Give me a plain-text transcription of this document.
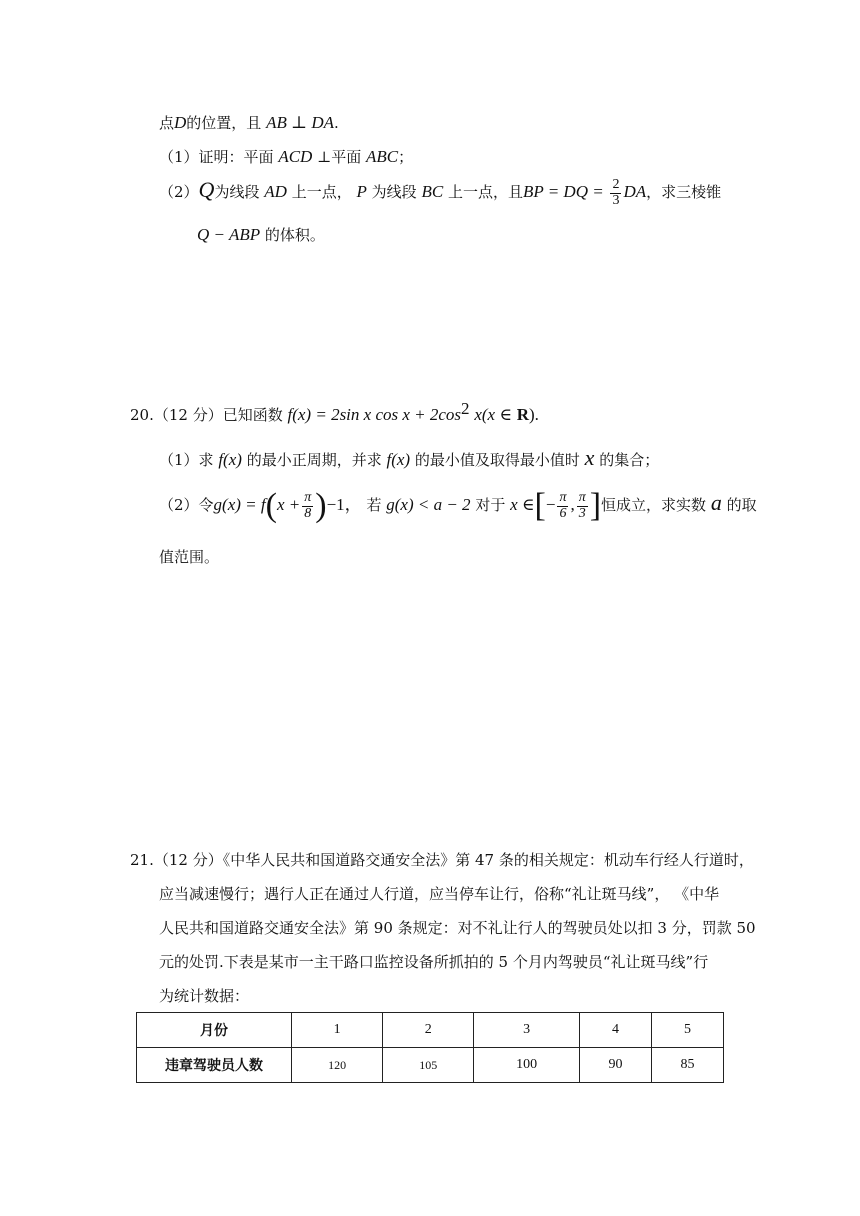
点D的位置，且 AB ⊥ DA.
（1）证明：平面 ACD ⊥平面 ABC；
（2）Q为线段 AD 上一点， P 为线段 BC 上一点，且BP = DQ = $\frac{2}{3}$ DA，求三棱锥
Q − ABP 的体积。
20.（12 分）已知函数 f(x) = 2sin x $\cos x + 2\cos^2$ x(x ∈ R).
（1）求 f(x) 的最小正周期，并求 f(x) 的最小值及取得最小值时 x 的集合；
（2）令$g(x) = f(x + \frac{\pi}{8} )-1$， 若 g(x) < a − 2 对于 x ∈[− $\frac{\pi}{6}$ , $\frac{\pi}{3}$ ]恒成立，求实数 a 的取
值范围。
21.（12 分）《中华人民共和国道路交通安全法》第 47 条的相关规定：机动车行经人行道时，
应当减速慢行；遇行人正在通过人行道，应当停车让行，俗称“礼让斑马线”， 《中华
人民共和国道路交通安全法》第 90 条规定：对不礼让行人的驾驶员处以扣 3 分，罚款 50
元的处罚.下表是某市一主干路口监控设备所抓拍的 5 个月内驾驶员“礼让斑马线”行
为统计数据：
月份	1	2	3	4	5
违章驾驶员人数	120	105	100	90	85
